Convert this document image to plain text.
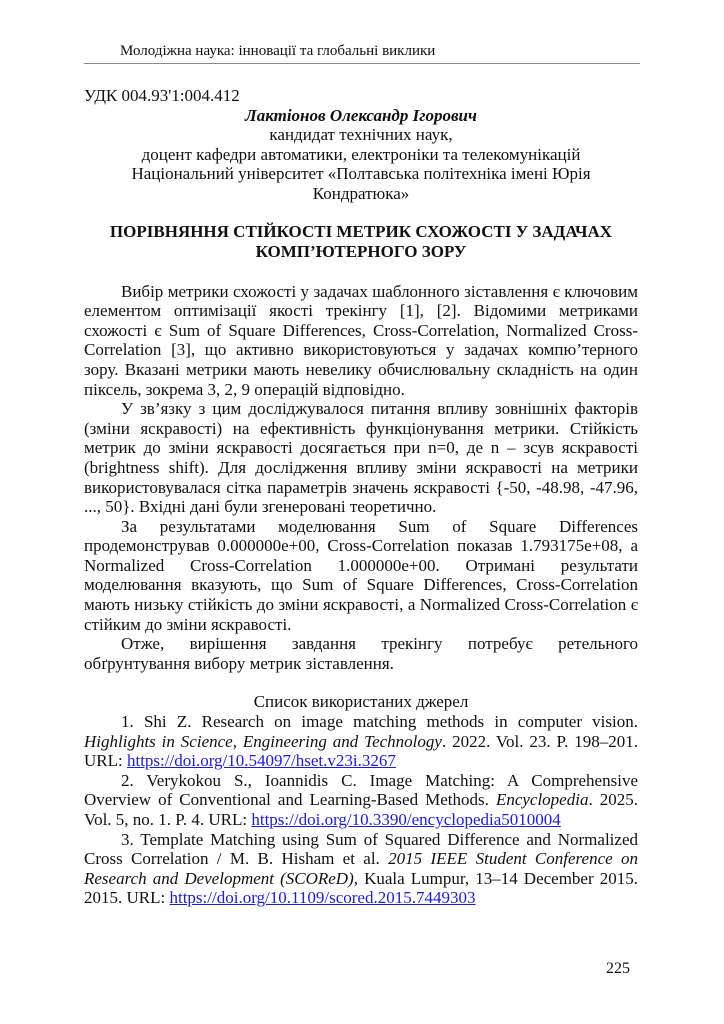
Молодіжна наука: інновації та глобальні виклики

УДК 004.93'1:004.412

Лактіонов Олександр Ігорович
кандидат технічних наук,
доцент кафедри автоматики, електроніки та телекомунікацій
Національний університет «Полтавська політехніка імені Юрія
Кондратюка»
ПОРІВНЯННЯ СТІЙКОСТІ МЕТРИК СХОЖОСТІ У ЗАДАЧАХ
КОМП’ЮТЕРНОГО ЗОРУ

Вибір метрики схожості у задачах шаблонного зіставлення є ключовим елементом оптимізації якості трекінгу [1], [2]. Відомими метриками схожості є Sum of Square Differences, Cross-Correlation, Normalized Cross-Correlation [3], що активно використовуються у задачах компю’терного зору. Вказані метрики мають невелику обчислювальну складність на один піксель, зокрема 3, 2, 9 операцій відповідно.

У зв’язку з цим досліджувалося питання впливу зовнішніх факторів (зміни яскравості) на ефективність функціонування метрики. Стійкість метрик до зміни яскравості досягається при n=0, де n – зсув яскравості (brightness shift). Для дослідження впливу зміни яскравості на метрики використовувалася сітка параметрів значень яскравості {-50, -48.98, -47.96, ..., 50}. Вхідні дані були згенеровані теоретично.

За результатами моделювання Sum of Square Differences продемонстрував 0.000000e+00, Cross-Correlation показав 1.793175e+08, а Normalized Cross-Correlation 1.000000e+00. Отримані результати моделювання вказують, що Sum of Square Differences, Cross-Correlation мають низьку стійкість до зміни яскравості, а Normalized Cross-Correlation є стійким до зміни яскравості.

Отже, вирішення завдання трекінгу потребує ретельного обґрунтування вибору метрик зіставлення.

Список використаних джерел

1. Shi Z. Research on image matching methods in computer vision. Highlights in Science, Engineering and Technology. 2022. Vol. 23. P. 198–201. URL: https://doi.org/10.54097/hset.v23i.3267

2. Verykokou S., Ioannidis C. Image Matching: A Comprehensive Overview of Conventional and Learning-Based Methods. Encyclopedia. 2025. Vol. 5, no. 1. P. 4. URL: https://doi.org/10.3390/encyclopedia5010004

3. Template Matching using Sum of Squared Difference and Normalized Cross Correlation / M. B. Hisham et al. 2015 IEEE Student Conference on Research and Development (SCOReD), Kuala Lumpur, 13–14 December 2015. 2015. URL: https://doi.org/10.1109/scored.2015.7449303

225
